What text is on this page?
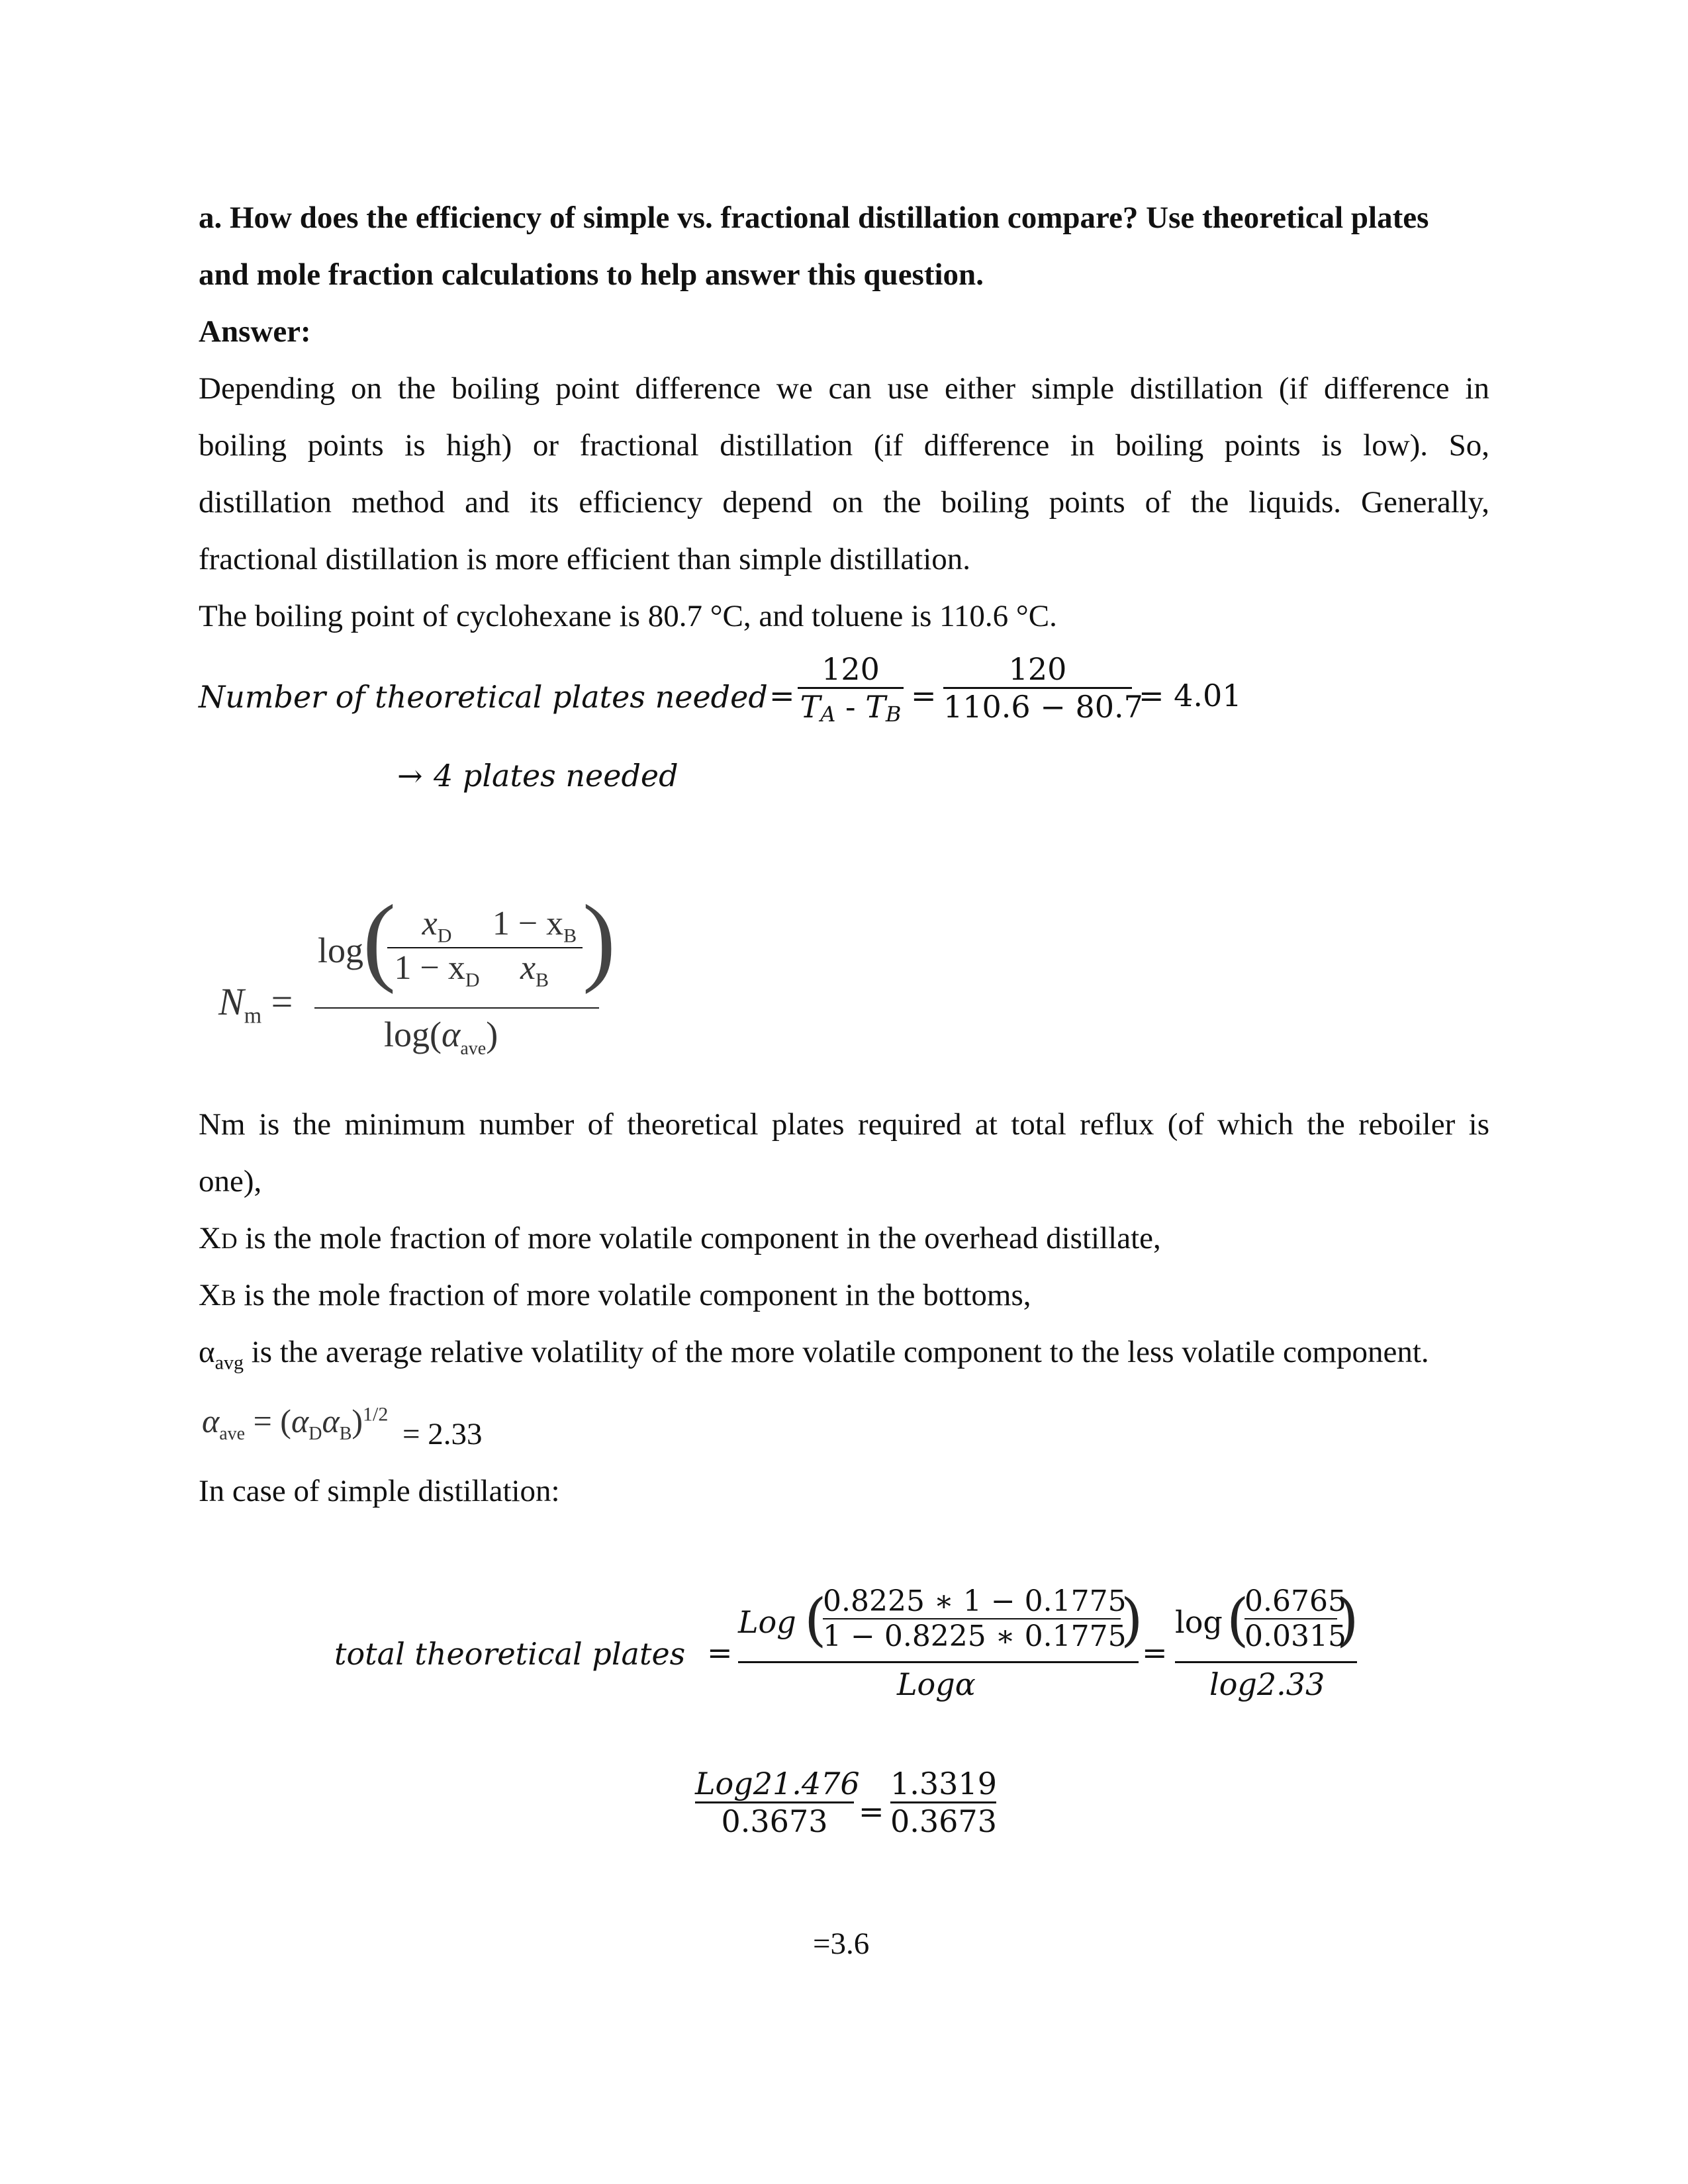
a. How does the efficiency of simple vs. fractional distillation compare? Use theoretical plates
and mole fraction calculations to help answer this question.
Answer:
Depending on the boiling point difference we can use either simple distillation (if difference in
boiling points is high) or fractional distillation (if difference in boiling points is low). So,
distillation method and its efficiency depend on the boiling points of the liquids. Generally,
fractional distillation is more efficient than simple distillation.
The boiling point of cyclohexane is 80.7 °C, and toluene is 110.6 °C.
Number of theoretical plates needed =
120
$T_A - T_B$
=
120
110.6 − 80.7
= 4.01
→ 4 plates needed
$N_m$ =
log
( $x_D$
$1 - x_D$
$1 - x_B$
$x_B$ )
$\log(\alpha_{ave})$
Nm is the minimum number of theoretical plates required at total reflux (of which the reboiler is
one),
XD is the mole fraction of more volatile component in the overhead distillate,
XB is the mole fraction of more volatile component in the bottoms,
$\alpha_{avg}$ is the average relative volatility of the more volatile component to the less volatile component.
$\alpha_{ave} = (\alpha_D\alpha_B)^{1/2}$
= 2.33
In case of simple distillation:
total theoretical plates =
Log (
0.8225 ∗ 1 − 0.1775
1 − 0.8225 ∗ 0.1775
)
Logα
=
log (
0.6765
0.0315
)
log2.33
Log21.476
0.3673	=
1.3319
0.3673
=3.6
